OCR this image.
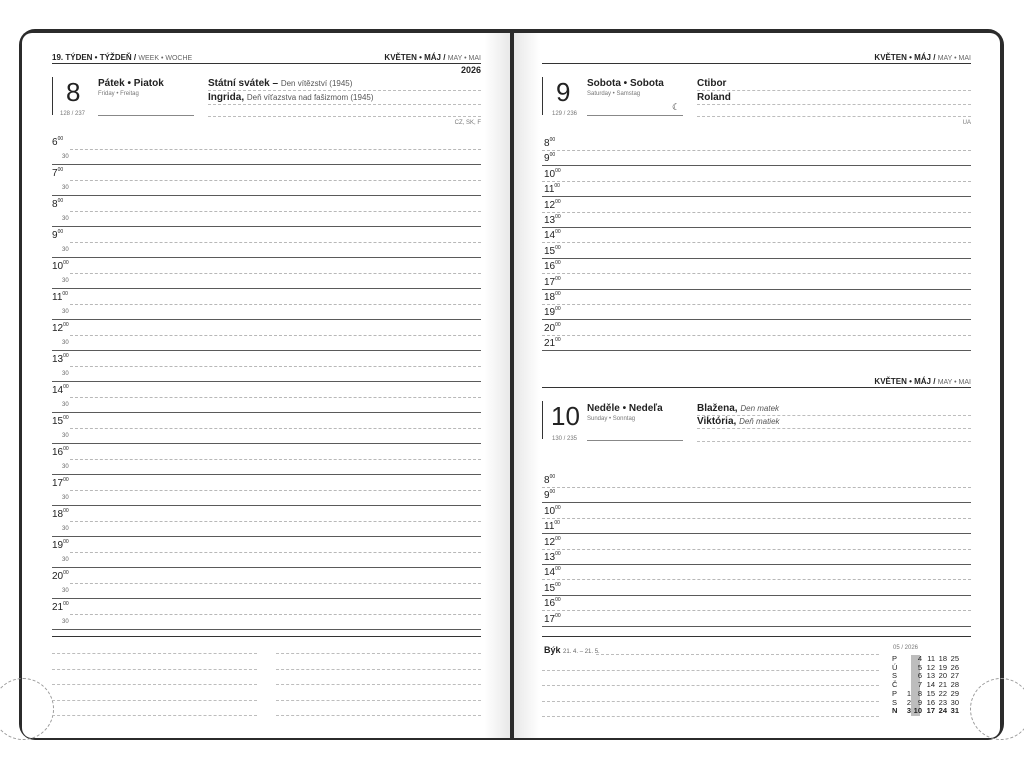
19. TÝDEN • TÝŽDEŇ / WEEK • WOCHE	KVĚTEN • MÁJ / MAY • MAI
2026
8 Pátek • Piatok
Friday • Freitag
128 / 237
Státní svátek – Den vítězství (1945)
Ingrida, Deň víťazstva nad fašizmom (1945)
CZ, SK, F
$6^{00}$
30
$7^{00}$
30
$8^{00}$
30
$9^{00}$
30
$10^{00}$
30
$11^{00}$
30
$12^{00}$
30
$13^{00}$
30
$14^{00}$
30
$15^{00}$
30
$16^{00}$
30
$17^{00}$
30
$18^{00}$
30
$19^{00}$
30
$20^{00}$
30
$21^{00}$
30
KVĚTEN • MÁJ / MAY • MAI
9 Sobota • Sobota
Saturday • Samstag
☾
129 / 236
Ctibor
Roland
UA
KVĚTEN • MÁJ / MAY • MAI
10 Neděle • Nedeľa
Sunday • Sonntag
130 / 235
Blažena, Den matek
Viktória, Deň matiek
Býk 21. 4. – 21. 5.
05 / 2026
P
Ú
S
Č
P
S
N
1
2
3
4
5
6
7
8
9
10
11
12
13
14
15
16
17
18
19
20
21
22
23
24
25
26
27
28
29
30
31
$8^{00}$
$9^{00}$
$10^{00}$
$11^{00}$
$12^{00}$
$13^{00}$
$14^{00}$
$15^{00}$
$16^{00}$
$17^{00}$
$18^{00}$
$19^{00}$
$20^{00}$
$21^{00}$
$8^{00}$
$9^{00}$
$10^{00}$
$11^{00}$
$12^{00}$
$13^{00}$
$14^{00}$
$15^{00}$
$16^{00}$
$17^{00}$
